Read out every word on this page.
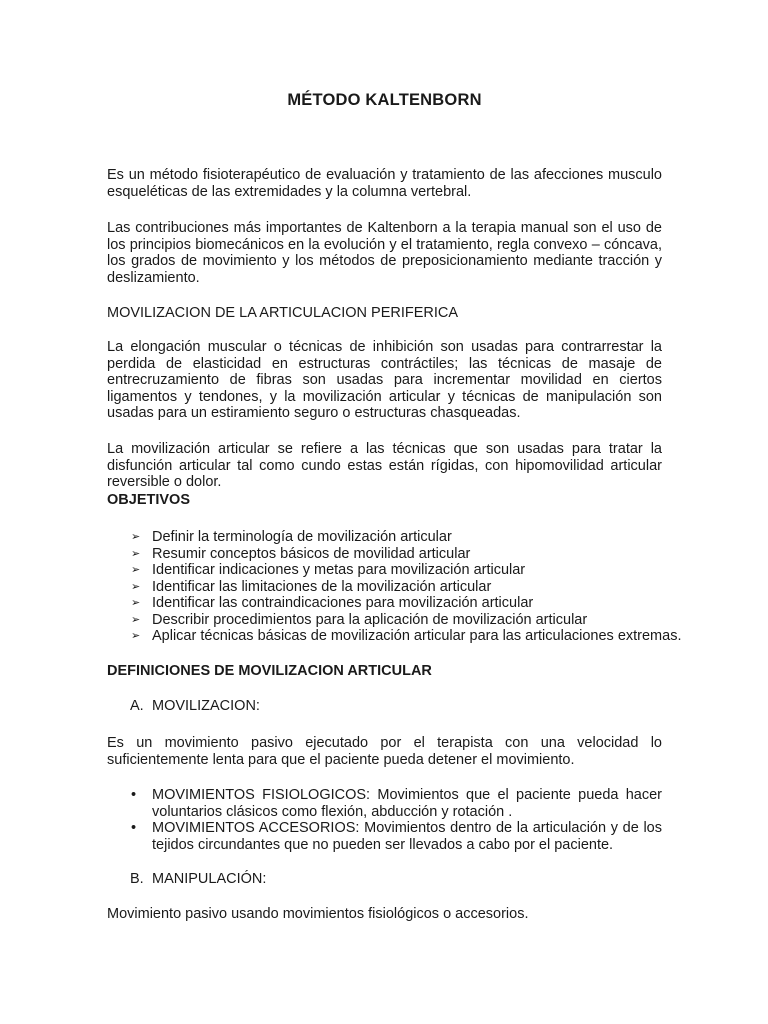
MÉTODO KALTENBORN
Es un método fisioterapéutico de evaluación y tratamiento de las afecciones musculo esqueléticas de las extremidades y la columna vertebral.
Las contribuciones más importantes de Kaltenborn a la terapia manual son el uso de los principios biomecánicos en la evolución y el tratamiento, regla convexo – cóncava, los grados de movimiento y los métodos de preposicionamiento mediante tracción y deslizamiento.
MOVILIZACION DE LA ARTICULACION PERIFERICA
La elongación muscular o técnicas de inhibición son usadas para contrarrestar la perdida de elasticidad en estructuras contráctiles; las técnicas de masaje de entrecruzamiento de fibras son usadas para incrementar movilidad en ciertos ligamentos y tendones, y la movilización articular y técnicas de manipulación son usadas para un estiramiento seguro o estructuras chasqueadas.
La movilización articular se refiere a las técnicas que son usadas para tratar la disfunción articular tal como cundo estas están rígidas, con hipomovilidad articular reversible o dolor.
OBJETIVOS
➢ Definir la terminología de movilización articular
➢ Resumir conceptos básicos de movilidad articular
➢ Identificar indicaciones y metas para movilización articular
➢ Identificar las limitaciones de la movilización articular
➢ Identificar las contraindicaciones para movilización articular
➢ Describir procedimientos para la aplicación de movilización articular
➢ Aplicar técnicas básicas de movilización articular para las articulaciones extremas.
DEFINICIONES DE MOVILIZACION ARTICULAR
A. MOVILIZACION:
Es un movimiento pasivo ejecutado por el terapista con una velocidad lo suficientemente lenta para que el paciente pueda detener el movimiento.
• MOVIMIENTOS FISIOLOGICOS: Movimientos que el paciente pueda hacer voluntarios clásicos como flexión, abducción y rotación .
• MOVIMIENTOS ACCESORIOS: Movimientos dentro de la articulación y de los tejidos circundantes que no pueden ser llevados a cabo por el paciente.
B. MANIPULACIÓN:
Movimiento pasivo usando movimientos fisiológicos o accesorios.
